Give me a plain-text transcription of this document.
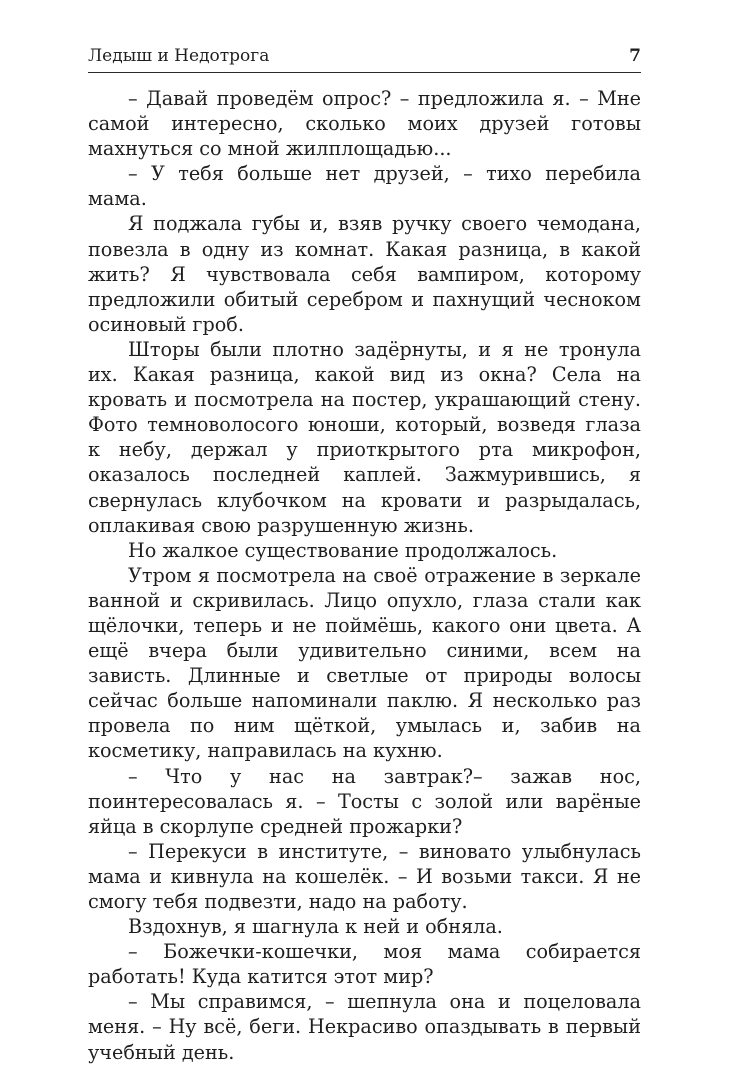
Ледыш и Недотрога	7

– Давай проведём опрос? – предложила я. – Мне самой интересно, сколько моих друзей готовы махнуться со мной жилплощадью...

– У тебя больше нет друзей, – тихо перебила мама.

Я поджала губы и, взяв ручку своего чемодана, повезла в одну из комнат. Какая разница, в какой жить? Я чувствовала себя вампиром, которому предложили обитый серебром и пахнущий чесноком осиновый гроб.

Шторы были плотно задёрнуты, и я не тронула их. Какая разница, какой вид из окна? Села на кровать и посмотрела на постер, украшающий стену. Фото темноволосого юноши, который, возведя глаза к небу, держал у приоткрытого рта микрофон, оказалось последней каплей. Зажмурившись, я свернулась клубочком на кровати и разрыдалась, оплакивая свою разрушенную жизнь.

Но жалкое существование продолжалось.

Утром я посмотрела на своё отражение в зеркале ванной и скривилась. Лицо опухло, глаза стали как щёлочки, теперь и не поймёшь, какого они цвета. А ещё вчера были удивительно синими, всем на зависть. Длинные и светлые от природы волосы сейчас больше напоминали паклю. Я несколько раз провела по ним щёткой, умылась и, забив на косметику, направилась на кухню.

– Что у нас на завтрак?– зажав нос, поинтересовалась я. – Тосты с золой или варёные яйца в скорлупе средней прожарки?

– Перекуси в институте, – виновато улыбнулась мама и кивнула на кошелёк. – И возьми такси. Я не смогу тебя подвезти, надо на работу.

Вздохнув, я шагнула к ней и обняла.

– Божечки-кошечки, моя мама собирается работать! Куда катится этот мир?

– Мы справимся, – шепнула она и поцеловала меня. – Ну всё, беги. Некрасиво опаздывать в первый учебный день.
